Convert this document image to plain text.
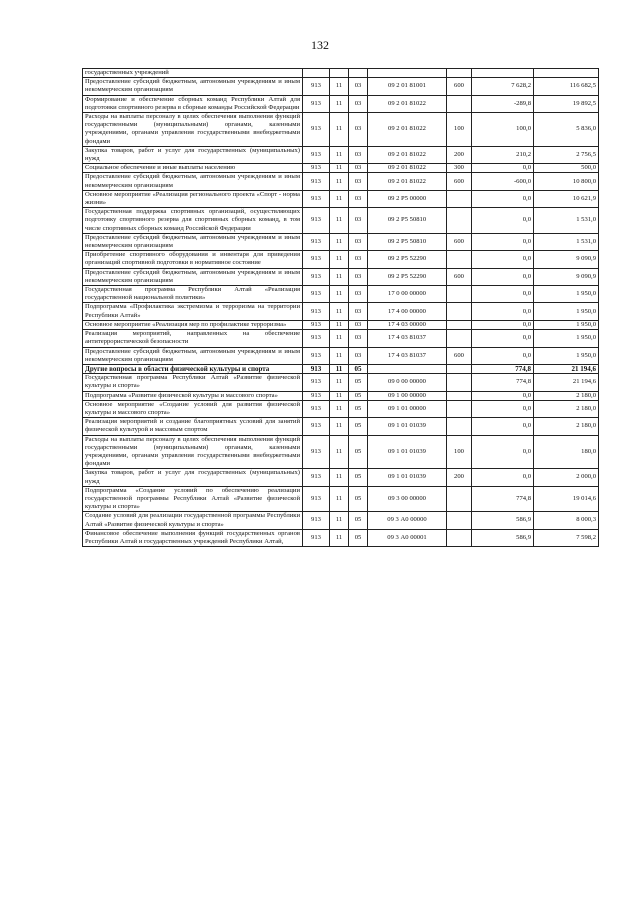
132
государственных учреждений							
Предоставление субсидий бюджетным, автономным учреждениям и иным некоммерческим организациям	913	11	03	09 2 01 81001	600	7 628,2	116 682,5
Формирование и обеспечение сборных команд Республики Алтай для подготовки спортивного резерва в сборные команды Российской Федерации	913	11	03	09 2 01 81022		-289,8	19 892,5
Расходы на выплаты персоналу в целях обеспечения выполнения функций государственными (муниципальными) органами, казенными учреждениями, органами управления государственными внебюджетными фондами	913	11	03	09 2 01 81022	100	100,0	5 836,0
Закупка товаров, работ и услуг для государственных (муниципальных) нужд	913	11	03	09 2 01 81022	200	210,2	2 756,5
Социальное обеспечение и иные выплаты населению	913	11	03	09 2 01 81022	300	0,0	500,0
Предоставление субсидий бюджетным, автономным учреждениям и иным некоммерческим организациям	913	11	03	09 2 01 81022	600	-600,0	10 800,0
Основное мероприятие «Реализация регионального проекта «Спорт - норма жизни»	913	11	03	09 2 P5 00000		0,0	10 621,9
Государственная поддержка спортивных организаций, осуществляющих подготовку спортивного резерва для спортивных сборных команд, в том числе спортивных сборных команд Российской Федерации	913	11	03	09 2 P5 50810		0,0	1 531,0
Предоставление субсидий бюджетным, автономным учреждениям и иным некоммерческим организациям	913	11	03	09 2 P5 50810	600	0,0	1 531,0
Приобретение спортивного оборудования и инвентаря для приведения организаций спортивной подготовки в нормативное состояние	913	11	03	09 2 P5 52290		0,0	9 090,9
Предоставление субсидий бюджетным, автономным учреждениям и иным некоммерческим организациям	913	11	03	09 2 P5 52290	600	0,0	9 090,9
Государственная программа Республики Алтай «Реализация государственной национальной политики»	913	11	03	17 0 00 00000		0,0	1 950,0
Подпрограмма «Профилактика экстремизма и терроризма на территории Республики Алтай»	913	11	03	17 4 00 00000		0,0	1 950,0
Основное мероприятие «Реализация мер по профилактике терроризма»	913	11	03	17 4 03 00000		0,0	1 950,0
Реализация мероприятий, направленных на обеспечение антитеррористической безопасности	913	11	03	17 4 03 81037		0,0	1 950,0
Предоставление субсидий бюджетным, автономным учреждениям и иным некоммерческим организациям	913	11	03	17 4 03 81037	600	0,0	1 950,0
Другие вопросы в области физической культуры и спорта	913	11	05			774,8	21 194,6
Государственная программа Республики Алтай «Развитие физической культуры и спорта»	913	11	05	09 0 00 00000		774,8	21 194,6
Подпрограмма «Развитие физической культуры и массового спорта»	913	11	05	09 1 00 00000		0,0	2 180,0
Основное мероприятие «Создание условий для развития физической культуры и массового спорта»	913	11	05	09 1 01 00000		0,0	2 180,0
Реализация мероприятий и создание благоприятных условий для занятий физической культурой и массовым спортом	913	11	05	09 1 01 01039		0,0	2 180,0
Расходы на выплаты персоналу в целях обеспечения выполнения функций государственными (муниципальными) органами, казенными учреждениями, органами управления государственными внебюджетными фондами	913	11	05	09 1 01 01039	100	0,0	180,0
Закупка товаров, работ и услуг для государственных (муниципальных) нужд	913	11	05	09 1 01 01039	200	0,0	2 000,0
Подпрограмма «Создание условий по обеспечению реализации государственной программы Республики Алтай «Развитие физической культуры и спорта»	913	11	05	09 3 00 00000		774,8	19 014,6
Создание условий для реализации государственной программы Республики Алтай «Развитие физической культуры и спорта»	913	11	05	09 3 А0 00000		586,9	8 000,3
Финансовое обеспечение выполнения функций государственных органов Республики Алтай и государственных учреждений Республики Алтай,	913	11	05	09 3 А0 00001		586,9	7 598,2
